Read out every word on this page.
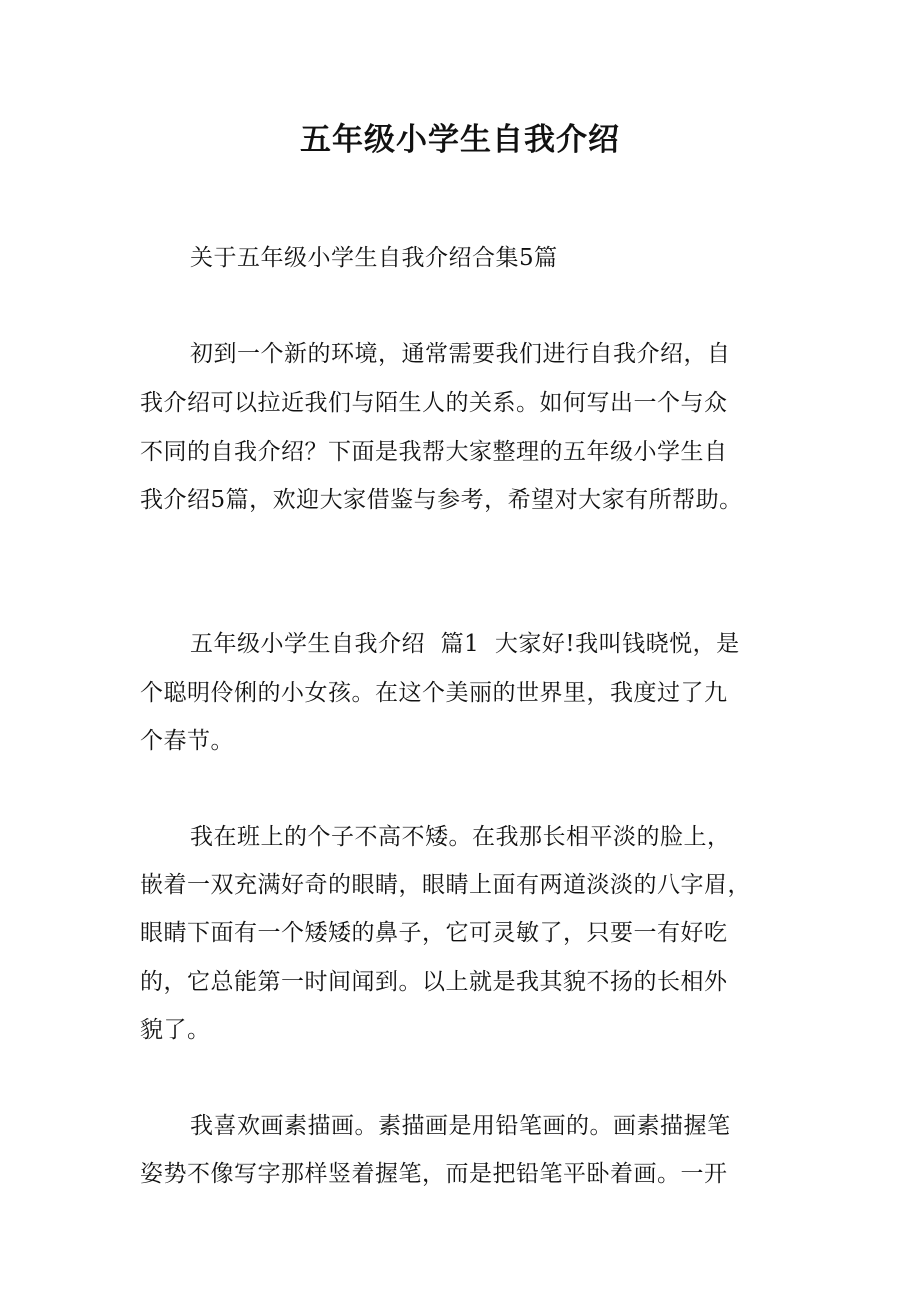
五年级小学生自我介绍
关于五年级小学生自我介绍合集5篇
初到一个新的环境，通常需要我们进行自我介绍，自
我介绍可以拉近我们与陌生人的关系。如何写出一个与众
不同的自我介绍？下面是我帮大家整理的五年级小学生自
我介绍5篇，欢迎大家借鉴与参考，希望对大家有所帮助。
五年级小学生自我介绍  篇1  大家好!我叫钱晓悦，是
个聪明伶俐的小女孩。在这个美丽的世界里，我度过了九
个春节。
我在班上的个子不高不矮。在我那长相平淡的脸上，
嵌着一双充满好奇的眼睛，眼睛上面有两道淡淡的八字眉，
眼睛下面有一个矮矮的鼻子，它可灵敏了，只要一有好吃
的，它总能第一时间闻到。以上就是我其貌不扬的长相外
貌了。
我喜欢画素描画。素描画是用铅笔画的。画素描握笔
姿势不像写字那样竖着握笔，而是把铅笔平卧着画。一开
